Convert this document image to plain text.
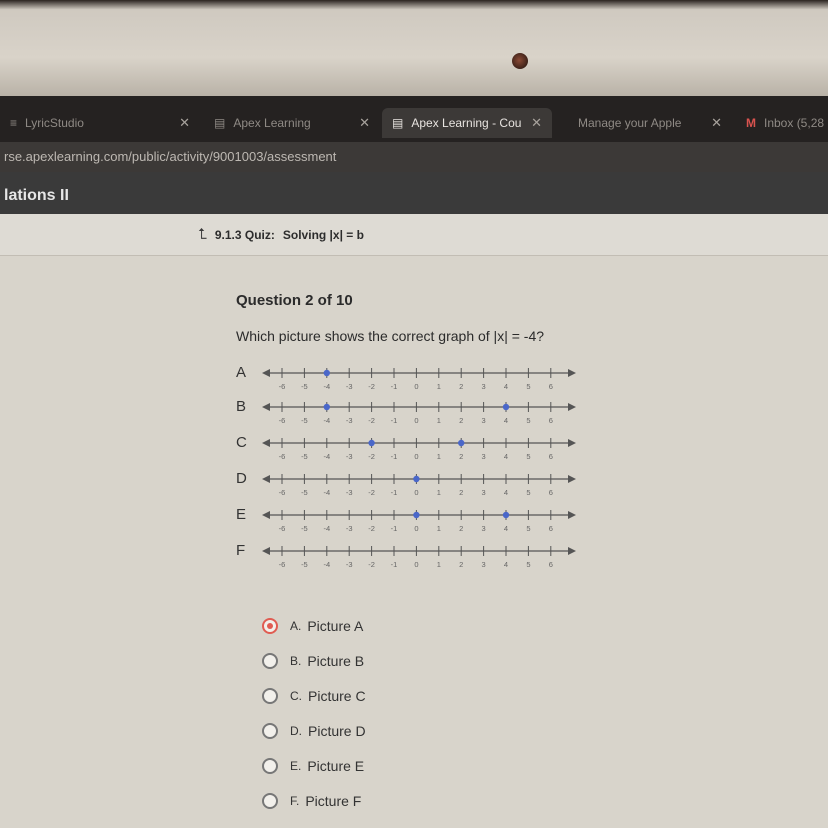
≡ LyricStudio	✕ ▤ Apex Learning	✕ ▤ Apex Learning - Cou ✕	Manage your Apple ✕ M Inbox (5,28
rse.apexlearning.com/public/activity/9001003/assessment
lations II
⮤ 9.1.3 Quiz: Solving |x| = b
Question 2 of 10
Which picture shows the correct graph of |x| = -4?
A
-6 -5 -4 -3 -2 -1 0 1 2 3 4 5 6
B
-6 -5 -4 -3 -2 -1 0 1 2 3 4 5 6
C
-6 -5 -4 -3 -2 -1 0 1 2 3 4 5 6
D
-6 -5 -4 -3 -2 -1 0 1 2 3 4 5 6
E
-6 -5 -4 -3 -2 -1 0 1 2 3 4 5 6
F
-6 -5 -4 -3 -2 -1 0 1 2 3 4 5 6
A. Picture A
B. Picture B
C. Picture C
D. Picture D
E. Picture E
F. Picture F
